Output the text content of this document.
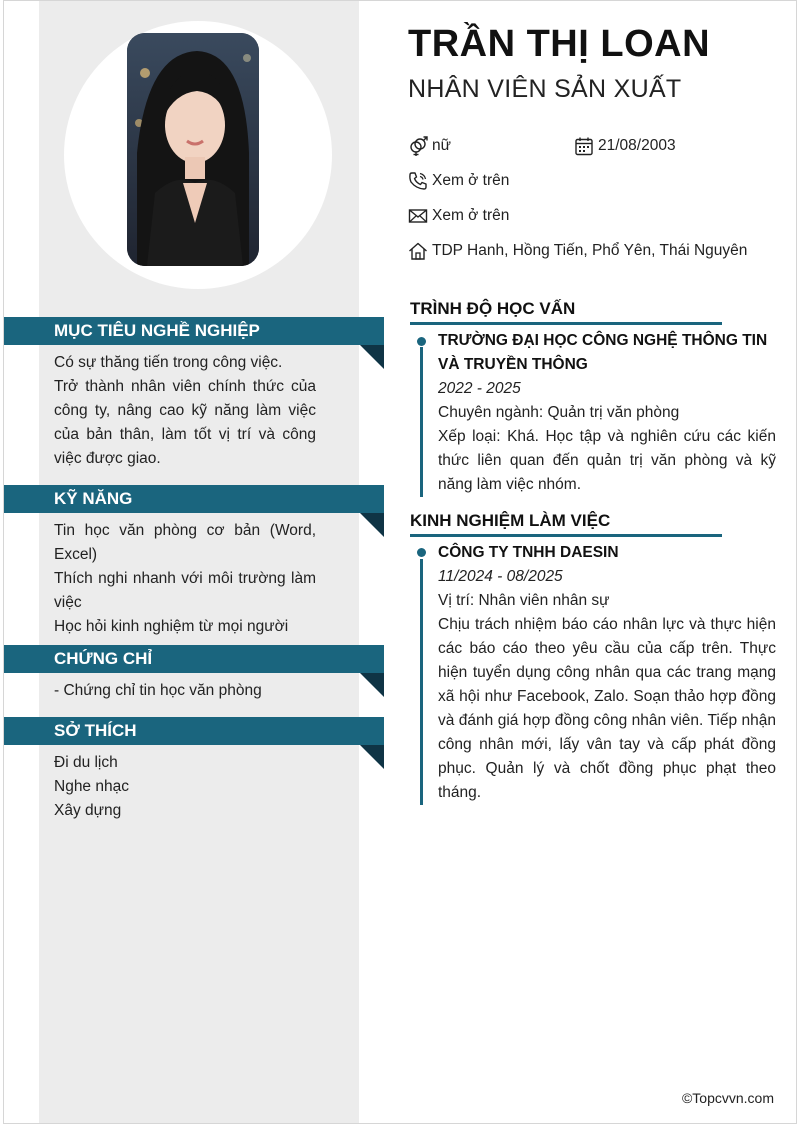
MỤC TIÊU NGHỀ NGHIỆP

Có sự thăng tiến trong công việc.

Trở thành nhân viên chính thức của công ty, nâng cao kỹ năng làm việc của bản thân, làm tốt vị trí và công việc được giao.

KỸ NĂNG

Tin học văn phòng cơ bản (Word, Excel)

Thích nghi nhanh với môi trường làm việc

Học hỏi kinh nghiệm từ mọi người

CHỨNG CHỈ

- Chứng chỉ tin học văn phòng

SỞ THÍCH

Đi du lịch

Nghe nhạc

Xây dựng

TRẦN THỊ LOAN
NHÂN VIÊN SẢN XUẤT
nữ	21/08/2003
Xem ở trên
Xem ở trên
TDP Hanh, Hồng Tiến, Phổ Yên, Thái Nguyên
TRÌNH ĐỘ HỌC VẤN
TRƯỜNG ĐẠI HỌC CÔNG NGHỆ THÔNG TIN VÀ TRUYỀN THÔNG
2022 - 2025
Chuyên ngành: Quản trị văn phòng
Xếp loại: Khá. Học tập và nghiên cứu các kiến thức liên quan đến quản trị văn phòng và kỹ năng làm việc nhóm.
KINH NGHIỆM LÀM VIỆC
CÔNG TY TNHH DAESIN
11/2024 - 08/2025
Vị trí: Nhân viên nhân sự
Chịu trách nhiệm báo cáo nhân lực và thực hiện các báo cáo theo yêu cầu của cấp trên. Thực hiện tuyển dụng công nhân qua các trang mạng xã hội như Facebook, Zalo. Soạn thảo hợp đồng và đánh giá hợp đồng công nhân viên. Tiếp nhận công nhân mới, lấy vân tay và cấp phát đồng phục. Quản lý và chốt đồng phục phạt theo tháng.
©Topcvvn.com
